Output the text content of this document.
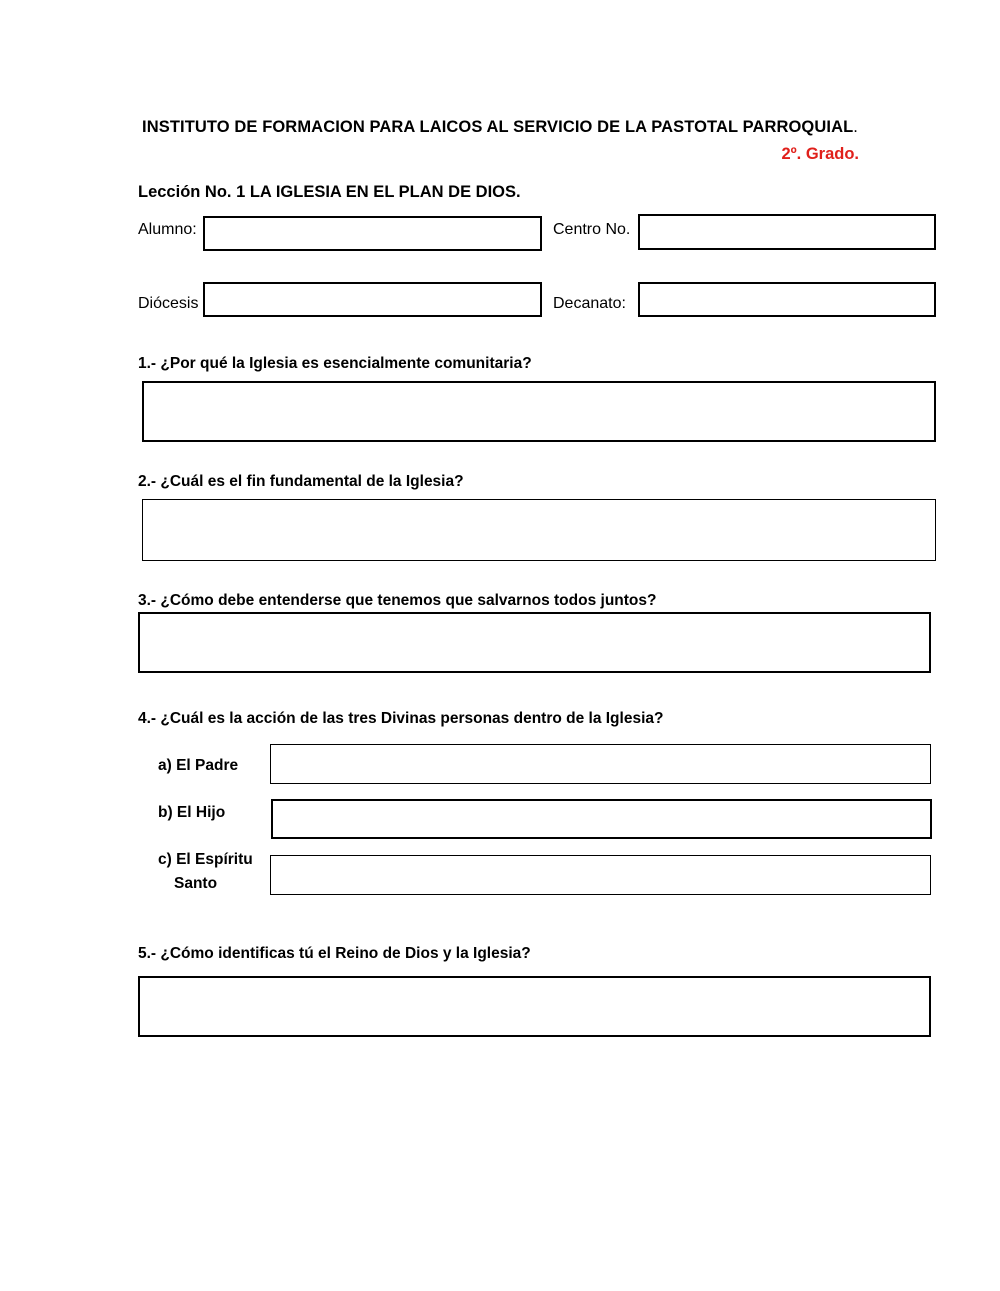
INSTITUTO DE FORMACION PARA LAICOS AL SERVICIO DE LA PASTOTAL PARROQUIAL.
2º. Grado.
Lección No. 1 LA IGLESIA EN EL PLAN DE DIOS.
Alumno:	Centro No.
Diócesis	Decanato:
1.- ¿Por qué la Iglesia es esencialmente comunitaria?
2.- ¿Cuál es el fin fundamental de la Iglesia?
3.- ¿Cómo debe entenderse que tenemos que salvarnos todos juntos?
4.- ¿Cuál es la acción de las tres Divinas personas dentro de la Iglesia?
a) El Padre
b) El Hijo
c) El Espíritu
Santo
5.- ¿Cómo identificas tú el Reino de Dios y la Iglesia?
